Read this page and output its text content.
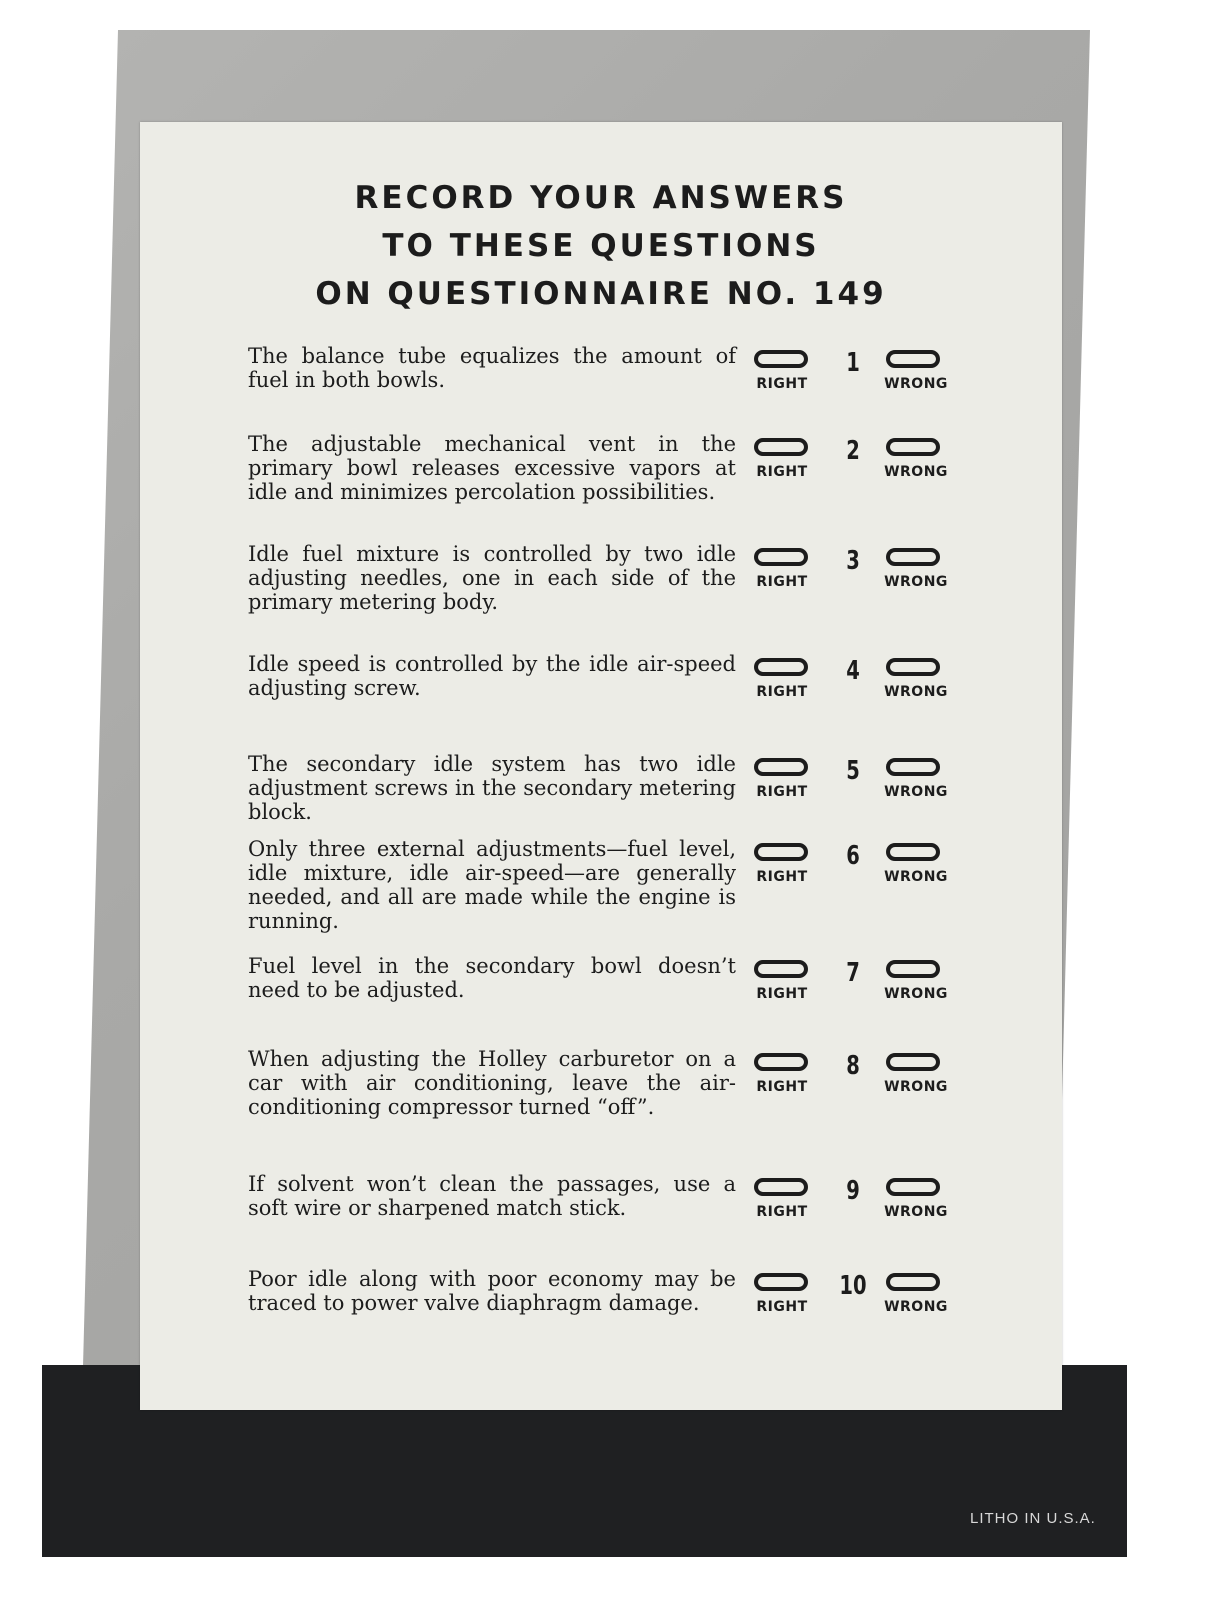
LITHO IN U.S.A.
RECORD YOUR ANSWERS
TO THESE QUESTIONS
ON QUESTIONNAIRE NO. 149
The balance tube equalizes the amount of fuel in both bowls.	RIGHT
1
WRONG
The adjustable mechanical vent in the primary bowl releases excessive vapors at idle and minimizes percolation possibilities.
RIGHT
2
WRONG
Idle fuel mixture is controlled by two idle adjusting needles, one in each side of the primary metering body.
RIGHT
3
WRONG
Idle speed is controlled by the idle air-speed adjusting screw.	RIGHT
4
WRONG
The secondary idle system has two idle adjustment screws in the secondary metering block.
RIGHT
5
WRONG
Only three external adjustments—fuel level, idle mixture, idle air-speed—are generally needed, and all are made while the engine is running.
RIGHT
6
WRONG
Fuel level in the secondary bowl doesn’t need to be adjusted.	RIGHT
7
WRONG
When adjusting the Holley carburetor on a car with air conditioning, leave the air-conditioning compressor turned “off”.
RIGHT
8
WRONG
If solvent won’t clean the passages, use a soft wire or sharpened match stick.	RIGHT
9
WRONG
Poor idle along with poor economy may be traced to power valve diaphragm damage.	RIGHT
10
WRONG
